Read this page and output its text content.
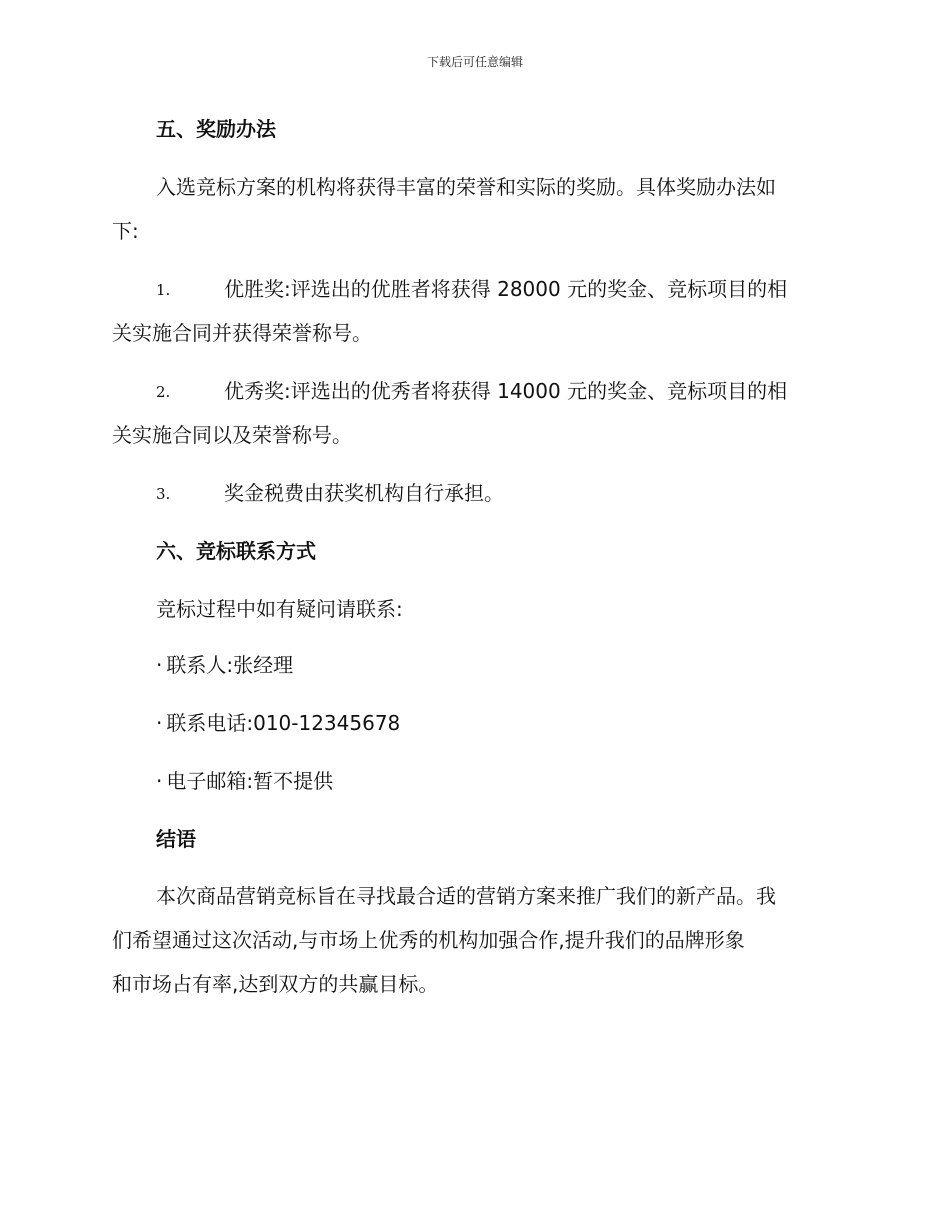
下载后可任意编辑
五、奖励办法
入选竞标方案的机构将获得丰富的荣誉和实际的奖励。具体奖励办法如
下:
1.	优胜奖:评选出的优胜者将获得 28000 元的奖金、竞标项目的相
关实施合同并获得荣誉称号。
2.	优秀奖:评选出的优秀者将获得 14000 元的奖金、竞标项目的相
关实施合同以及荣誉称号。
3.	奖金税费由获奖机构自行承担。
六、竞标联系方式
竞标过程中如有疑问请联系:
· 联系人:张经理
· 联系电话:010-12345678
· 电子邮箱:暂不提供
结语
本次商品营销竞标旨在寻找最合适的营销方案来推广我们的新产品。我
们希望通过这次活动,与市场上优秀的机构加强合作,提升我们的品牌形象
和市场占有率,达到双方的共赢目标。
